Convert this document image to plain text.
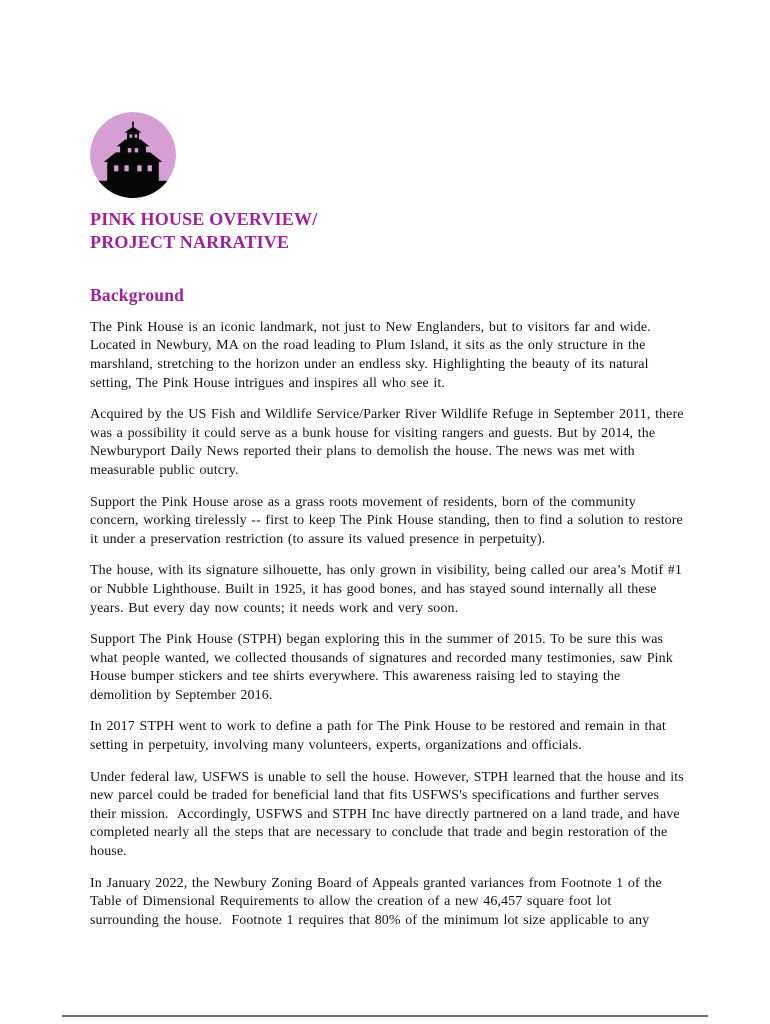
PINK HOUSE OVERVIEW/
PROJECT NARRATIVE
Background

The Pink House is an iconic landmark, not just to New Englanders, but to visitors far and wide. Located in Newbury, MA on the road leading to Plum Island, it sits as the only structure in the marshland, stretching to the horizon under an endless sky. Highlighting the beauty of its natural setting, The Pink House intrigues and inspires all who see it.

Acquired by the US Fish and Wildlife Service/Parker River Wildlife Refuge in September 2011, there was a possibility it could serve as a bunk house for visiting rangers and guests. But by 2014, the Newburyport Daily News reported their plans to demolish the house. The news was met with measurable public outcry.

Support the Pink House arose as a grass roots movement of residents, born of the community concern, working tirelessly -- first to keep The Pink House standing, then to find a solution to restore it under a preservation restriction (to assure its valued presence in perpetuity).

The house, with its signature silhouette, has only grown in visibility, being called our area’s Motif #1 or Nubble Lighthouse. Built in 1925, it has good bones, and has stayed sound internally all these years. But every day now counts; it needs work and very soon.

Support The Pink House (STPH) began exploring this in the summer of 2015. To be sure this was what people wanted, we collected thousands of signatures and recorded many testimonies, saw Pink House bumper stickers and tee shirts everywhere. This awareness raising led to staying the demolition by September 2016.

In 2017 STPH went to work to define a path for The Pink House to be restored and remain in that setting in perpetuity, involving many volunteers, experts, organizations and officials.

Under federal law, USFWS is unable to sell the house. However, STPH learned that the house and its new parcel could be traded for beneficial land that fits USFWS's specifications and further serves their mission.  Accordingly, USFWS and STPH Inc have directly partnered on a land trade, and have completed nearly all the steps that are necessary to conclude that trade and begin restoration of the house.

In January 2022, the Newbury Zoning Board of Appeals granted variances from Footnote 1 of the Table of Dimensional Requirements to allow the creation of a new 46,457 square foot lot surrounding the house.  Footnote 1 requires that 80% of the minimum lot size applicable to any
